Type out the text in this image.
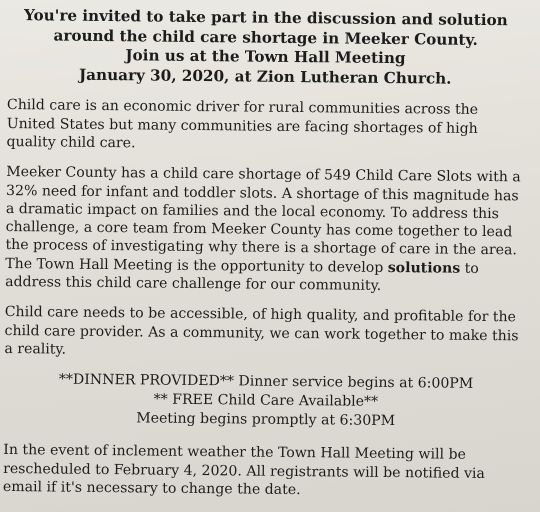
You're invited to take part in the discussion and solution
around the child care shortage in Meeker County.
Join us at the Town Hall Meeting
January 30, 2020, at Zion Lutheran Church.

Child care is an economic driver for rural communities across the United States but many communities are facing shortages of high quality child care.

Meeker County has a child care shortage of 549 Child Care Slots with a 32% need for infant and toddler slots. A shortage of this magnitude has a dramatic impact on families and the local economy. To address this challenge, a core team from Meeker County has come together to lead the process of investigating why there is a shortage of care in the area. The Town Hall Meeting is the opportunity to develop solutions to address this child care challenge for our community.

Child care needs to be accessible, of high quality, and profitable for the child care provider. As a community, we can work together to make this a reality.

**DINNER PROVIDED** Dinner service begins at 6:00PM
** FREE Child Care Available**
Meeting begins promptly at 6:30PM

In the event of inclement weather the Town Hall Meeting will be rescheduled to February 4, 2020. All registrants will be notified via email if it's necessary to change the date.
